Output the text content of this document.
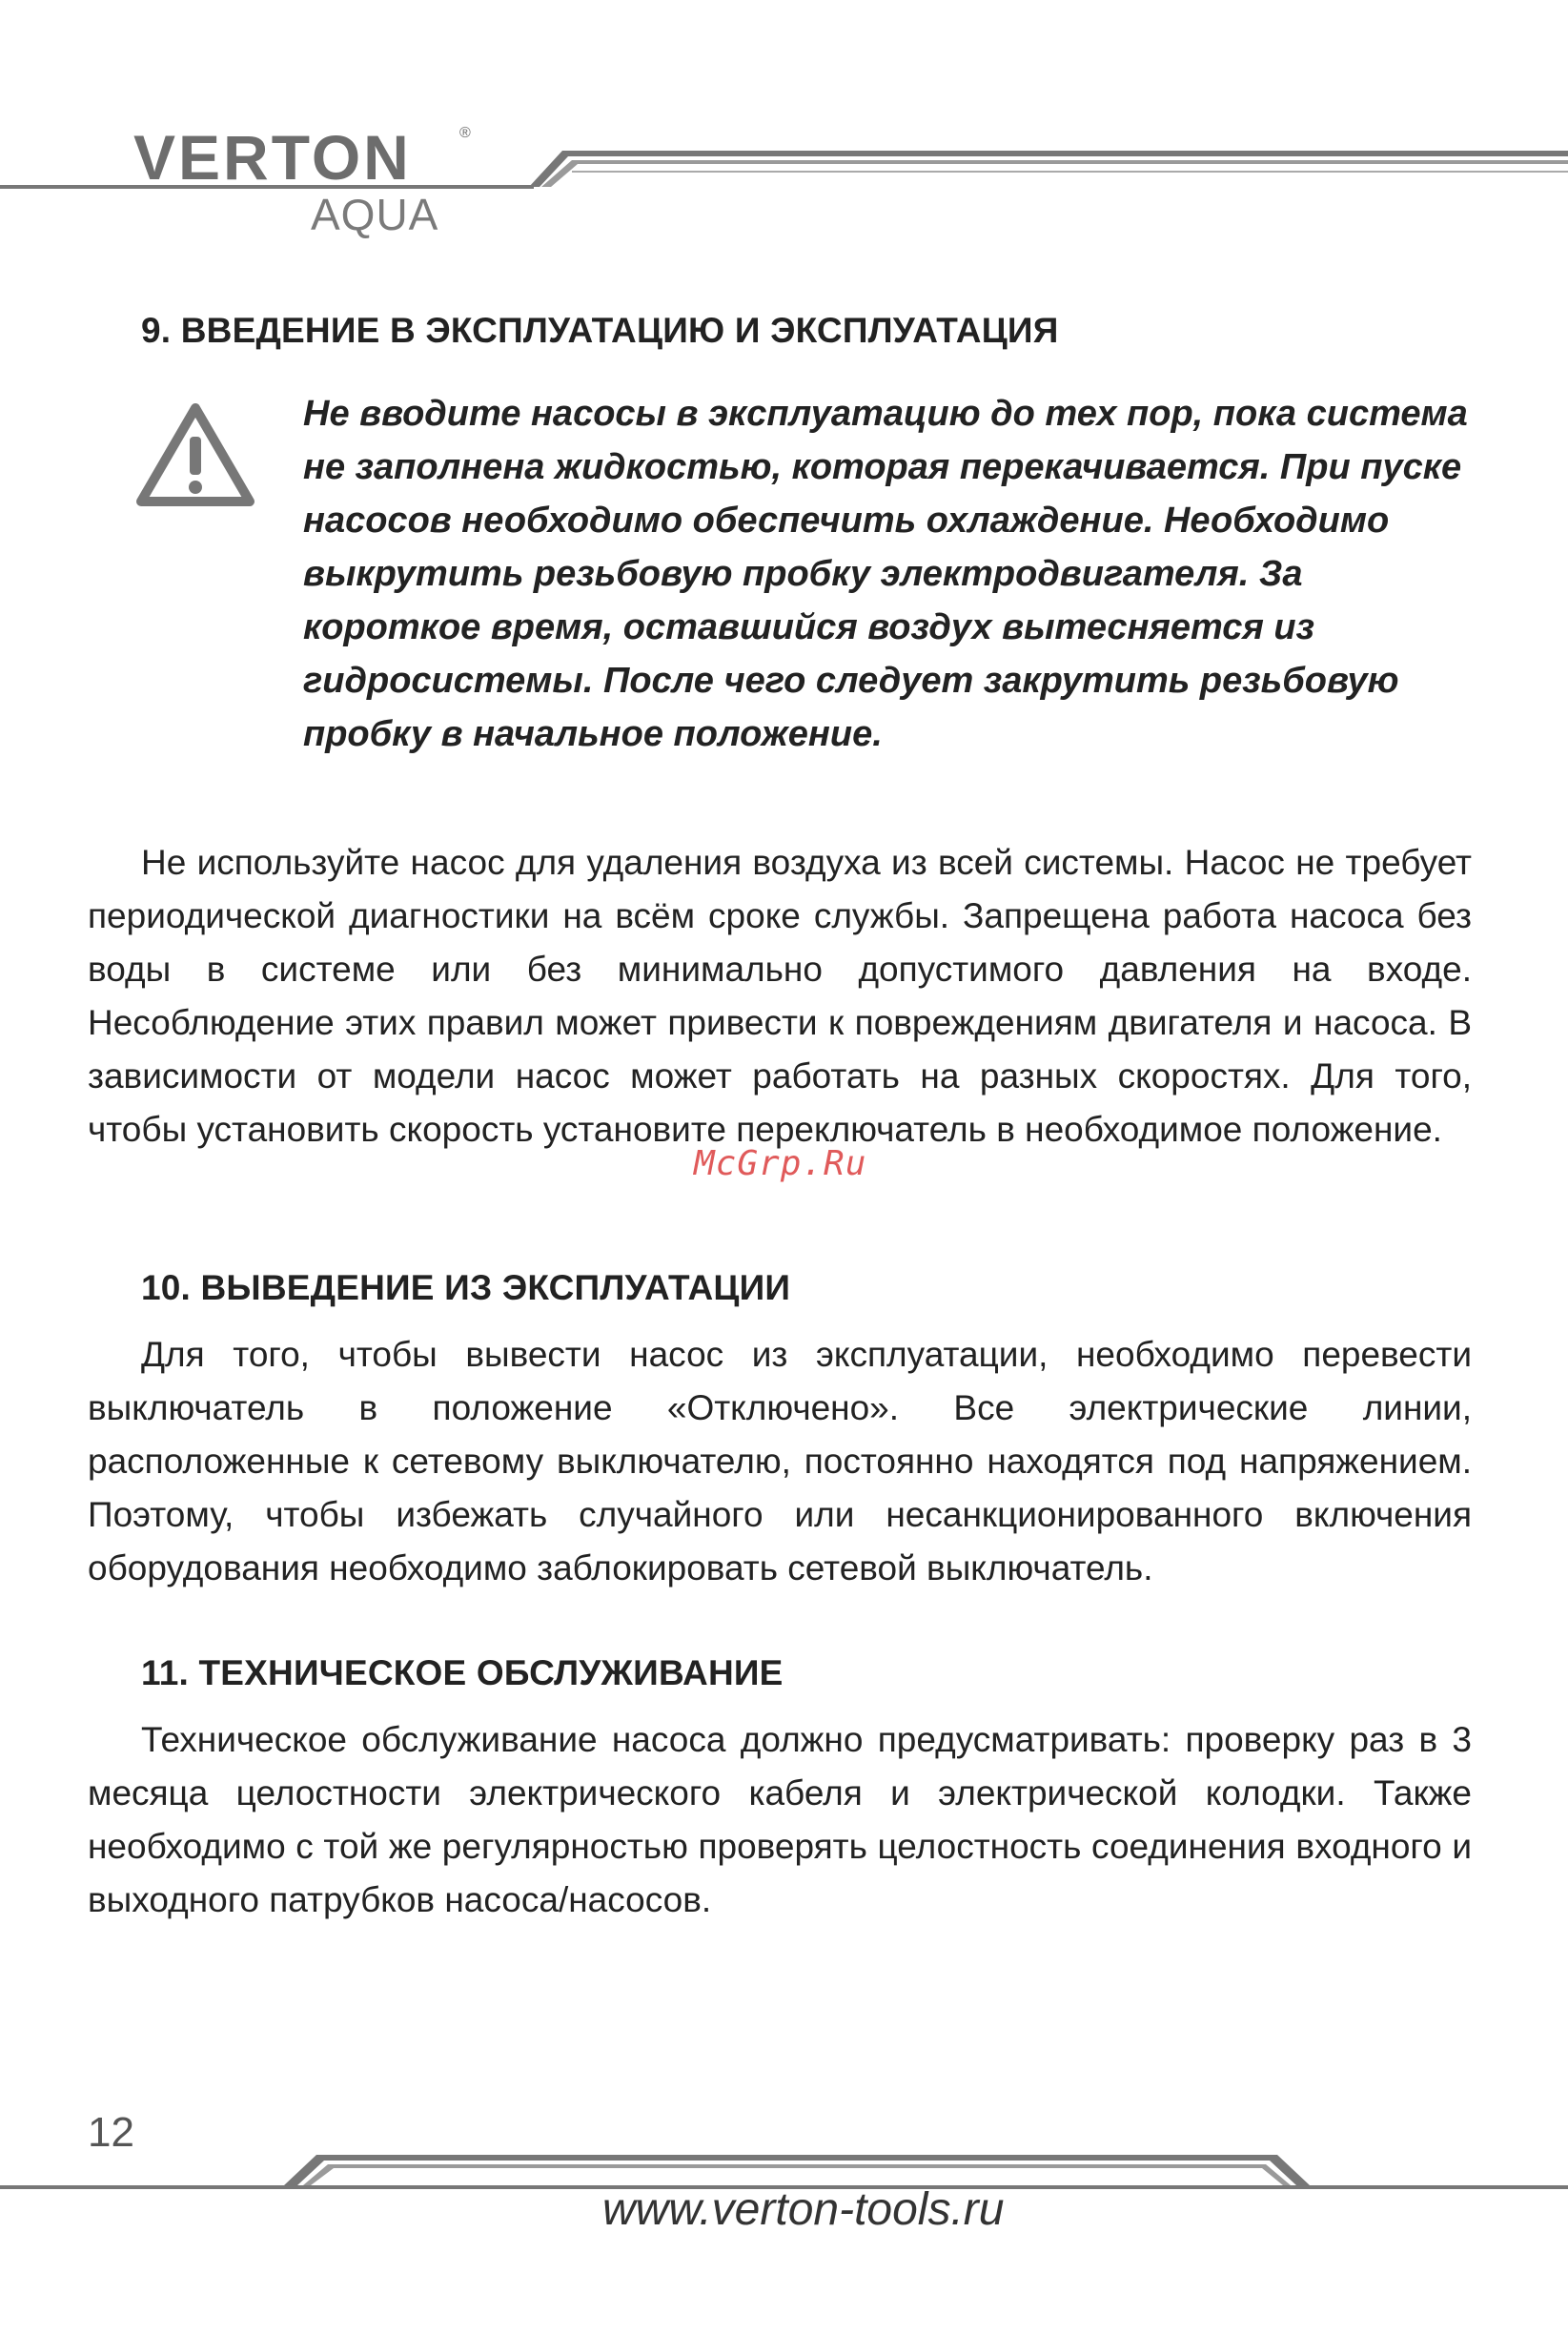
VERTON	®
AQUA
9. ВВЕДЕНИЕ В ЭКСПЛУАТАЦИЮ И ЭКСПЛУАТАЦИЯ

Не вводите насосы в эксплуатацию до тех пор, пока система не заполнена жидкостью, которая перекачивается. При пуске насосов необходимо обеспечить охлаждение. Необходимо выкрутить резьбовую пробку электродвигателя. За короткое время, оставшийся воздух вытесняется из гидросистемы. После чего следует закрутить резьбовую пробку в начальное положение.

Не используйте насос для удаления воздуха из всей системы. Насос не требует периодической диагностики на всём сроке службы. Запрещена работа насоса без воды в системе или без минимально допустимого давления на входе. Несоблюдение этих правил может привести к повреждениям двигателя и насоса. В зависимости от модели насос может работать на разных скоростях. Для того, чтобы установить скорость установите переключатель в необходимое положение.

McGrp.Ru

10. ВЫВЕДЕНИЕ ИЗ ЭКСПЛУАТАЦИИ

Для того, чтобы вывести насос из эксплуатации, необходимо перевести выключатель в положение «Отключено». Все электрические линии, расположенные к сетевому выключателю, постоянно находятся под напряжением. Поэтому, чтобы избежать случайного или несанкционированного включения оборудования необходимо заблокировать сетевой выключатель.

11. ТЕХНИЧЕСКОЕ ОБСЛУЖИВАНИЕ

Техническое обслуживание насоса должно предусматривать: проверку раз в 3 месяца целостности электрического кабеля и электрической колодки. Также необходимо с той же регулярностью проверять целостность соединения входного и выходного патрубков насоса/насосов.

12

www.verton-tools.ru
